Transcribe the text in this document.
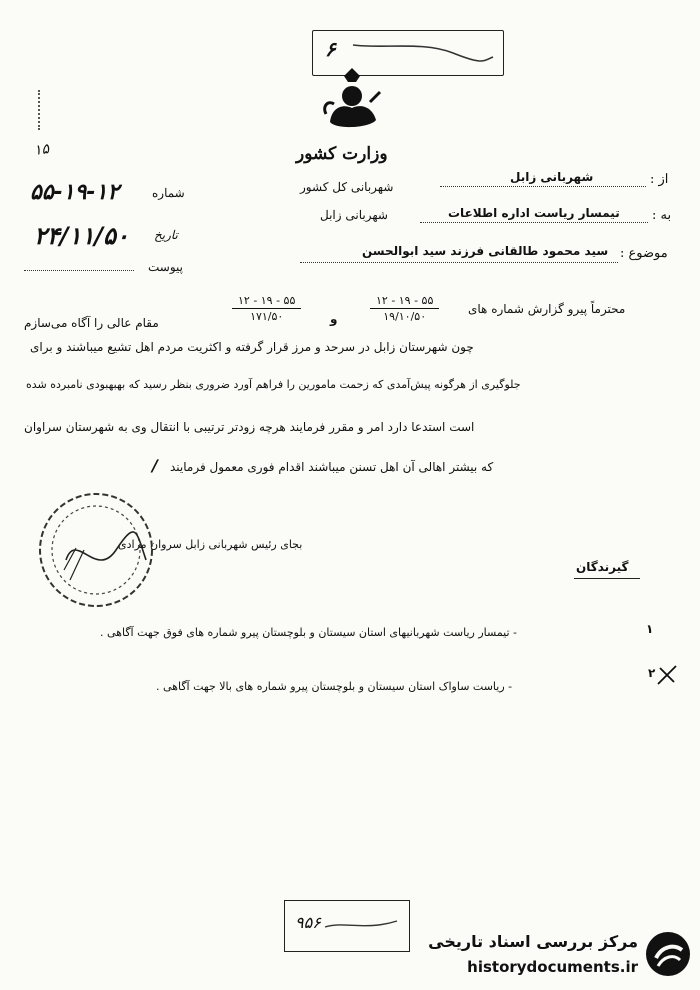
۶
۱۵	وزارت کشور
شهربانی کل کشور
شهربانی زابل
۵۵-۱۹-۱۲	شماره
۲۴/۱۱/۵۰ تاریخ
پیوست
از :
شهربانی زابل
به :
تیمسار ریاست اداره اطلاعات
موضوع :
سید محمود طالقانی فرزند سید ابوالحسن
محترماً پیرو گزارش شماره های
۱۲ - ۱۹ - ۵۵
۱۹/۱۰/۵۰
و
۱۲ - ۱۹ - ۵۵
۱۷۱/۵۰
مقام عالی را آگاه می‌سازم
چون شهرستان زابل در سرحد و مرز قرار گرفته و اکثریت مردم اهل تشیع میباشند و برای
جلوگیری از هرگونه پیش‌آمدی که زحمت مامورین را فراهم آورد ضروری بنظر رسید که بهبهبودی نامبرده شده
است استدعا دارد امر و مقرر فرمایند هرچه زودتر ترتیبی با انتقال وی به شهرستان سراوان
که بیشتر اهالی آن اهل تسنن میباشند اقدام فوری معمول فرمایند
∕
بجای رئیس شهربانی زابل سروان مرادی
گیرندگان
۱
- تیمسار ریاست شهربانیهای استان سیستان و بلوچستان پیرو شماره های فوق جهت آگاهی .
۲
- ریاست ساواک استان سیستان و بلوچستان پیرو شماره های بالا جهت آگاهی .
۹۵۶
مرکز بررسی اسناد تاریخی
historydocuments.ir
